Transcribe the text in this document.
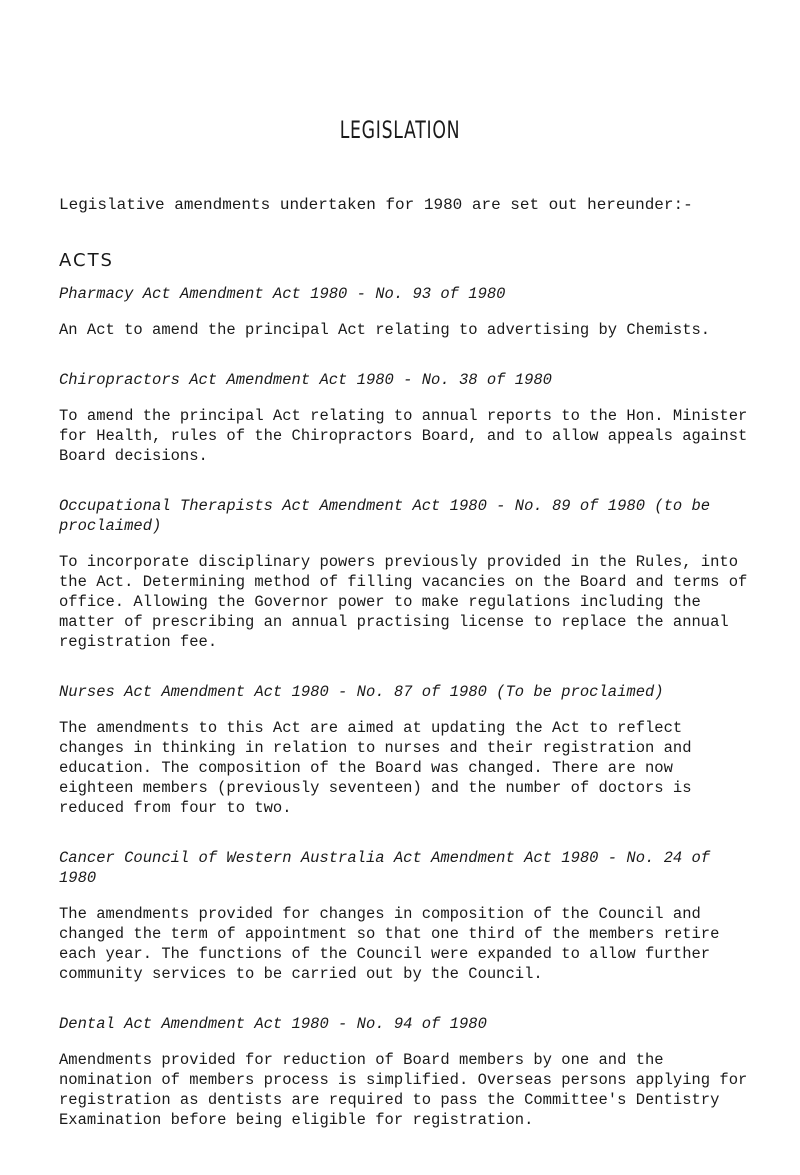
LEGISLATION

Legislative amendments undertaken for 1980 are set out hereunder:-

ACTS
Pharmacy Act Amendment Act 1980 - No. 93 of 1980

An Act to amend the principal Act relating to advertising by Chemists.

Chiropractors Act Amendment Act 1980 - No. 38 of 1980

To amend the principal Act relating to annual reports to the Hon. Minister for Health, rules of the Chiropractors Board, and to allow appeals against Board decisions.

Occupational Therapists Act Amendment Act 1980 - No. 89 of 1980 (to be proclaimed)

To incorporate disciplinary powers previously provided in the Rules, into the Act. Determining method of filling vacancies on the Board and terms of office. Allowing the Governor power to make regulations including the matter of prescribing an annual practising license to replace the annual registration fee.

Nurses Act Amendment Act 1980 - No. 87 of 1980 (To be proclaimed)

The amendments to this Act are aimed at updating the Act to reflect changes in thinking in relation to nurses and their registration and education. The composition of the Board was changed. There are now eighteen members (previously seventeen) and the number of doctors is reduced from four to two.

Cancer Council of Western Australia Act Amendment Act 1980 - No. 24 of 1980

The amendments provided for changes in composition of the Council and changed the term of appointment so that one third of the members retire each year. The functions of the Council were expanded to allow further community services to be carried out by the Council.

Dental Act Amendment Act 1980 - No. 94 of 1980

Amendments provided for reduction of Board members by one and the nomination of members process is simplified. Overseas persons applying for registration as dentists are required to pass the Committee's Dentistry Examination before being eligible for registration.
